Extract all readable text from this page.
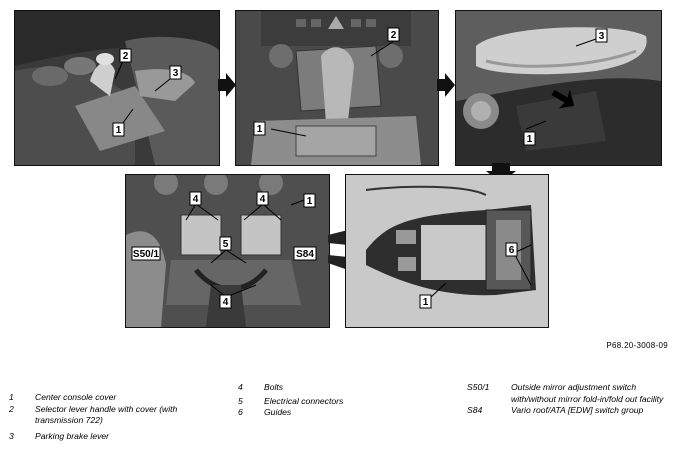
2
3
1
2
1
3
1
4	4	1
5
S50/1	S84
4
6
1
P68.20-3008-09
1	Center console cover
2	Selector lever handle with cover (with transmission 722)
3	Parking brake lever
4	Bolts
5	Electrical connectors
6	Guides
S50/1	Outside mirror adjustment switch with/without mirror fold-in/fold out facility
S84	Vario roof/ATA [EDW] switch group
